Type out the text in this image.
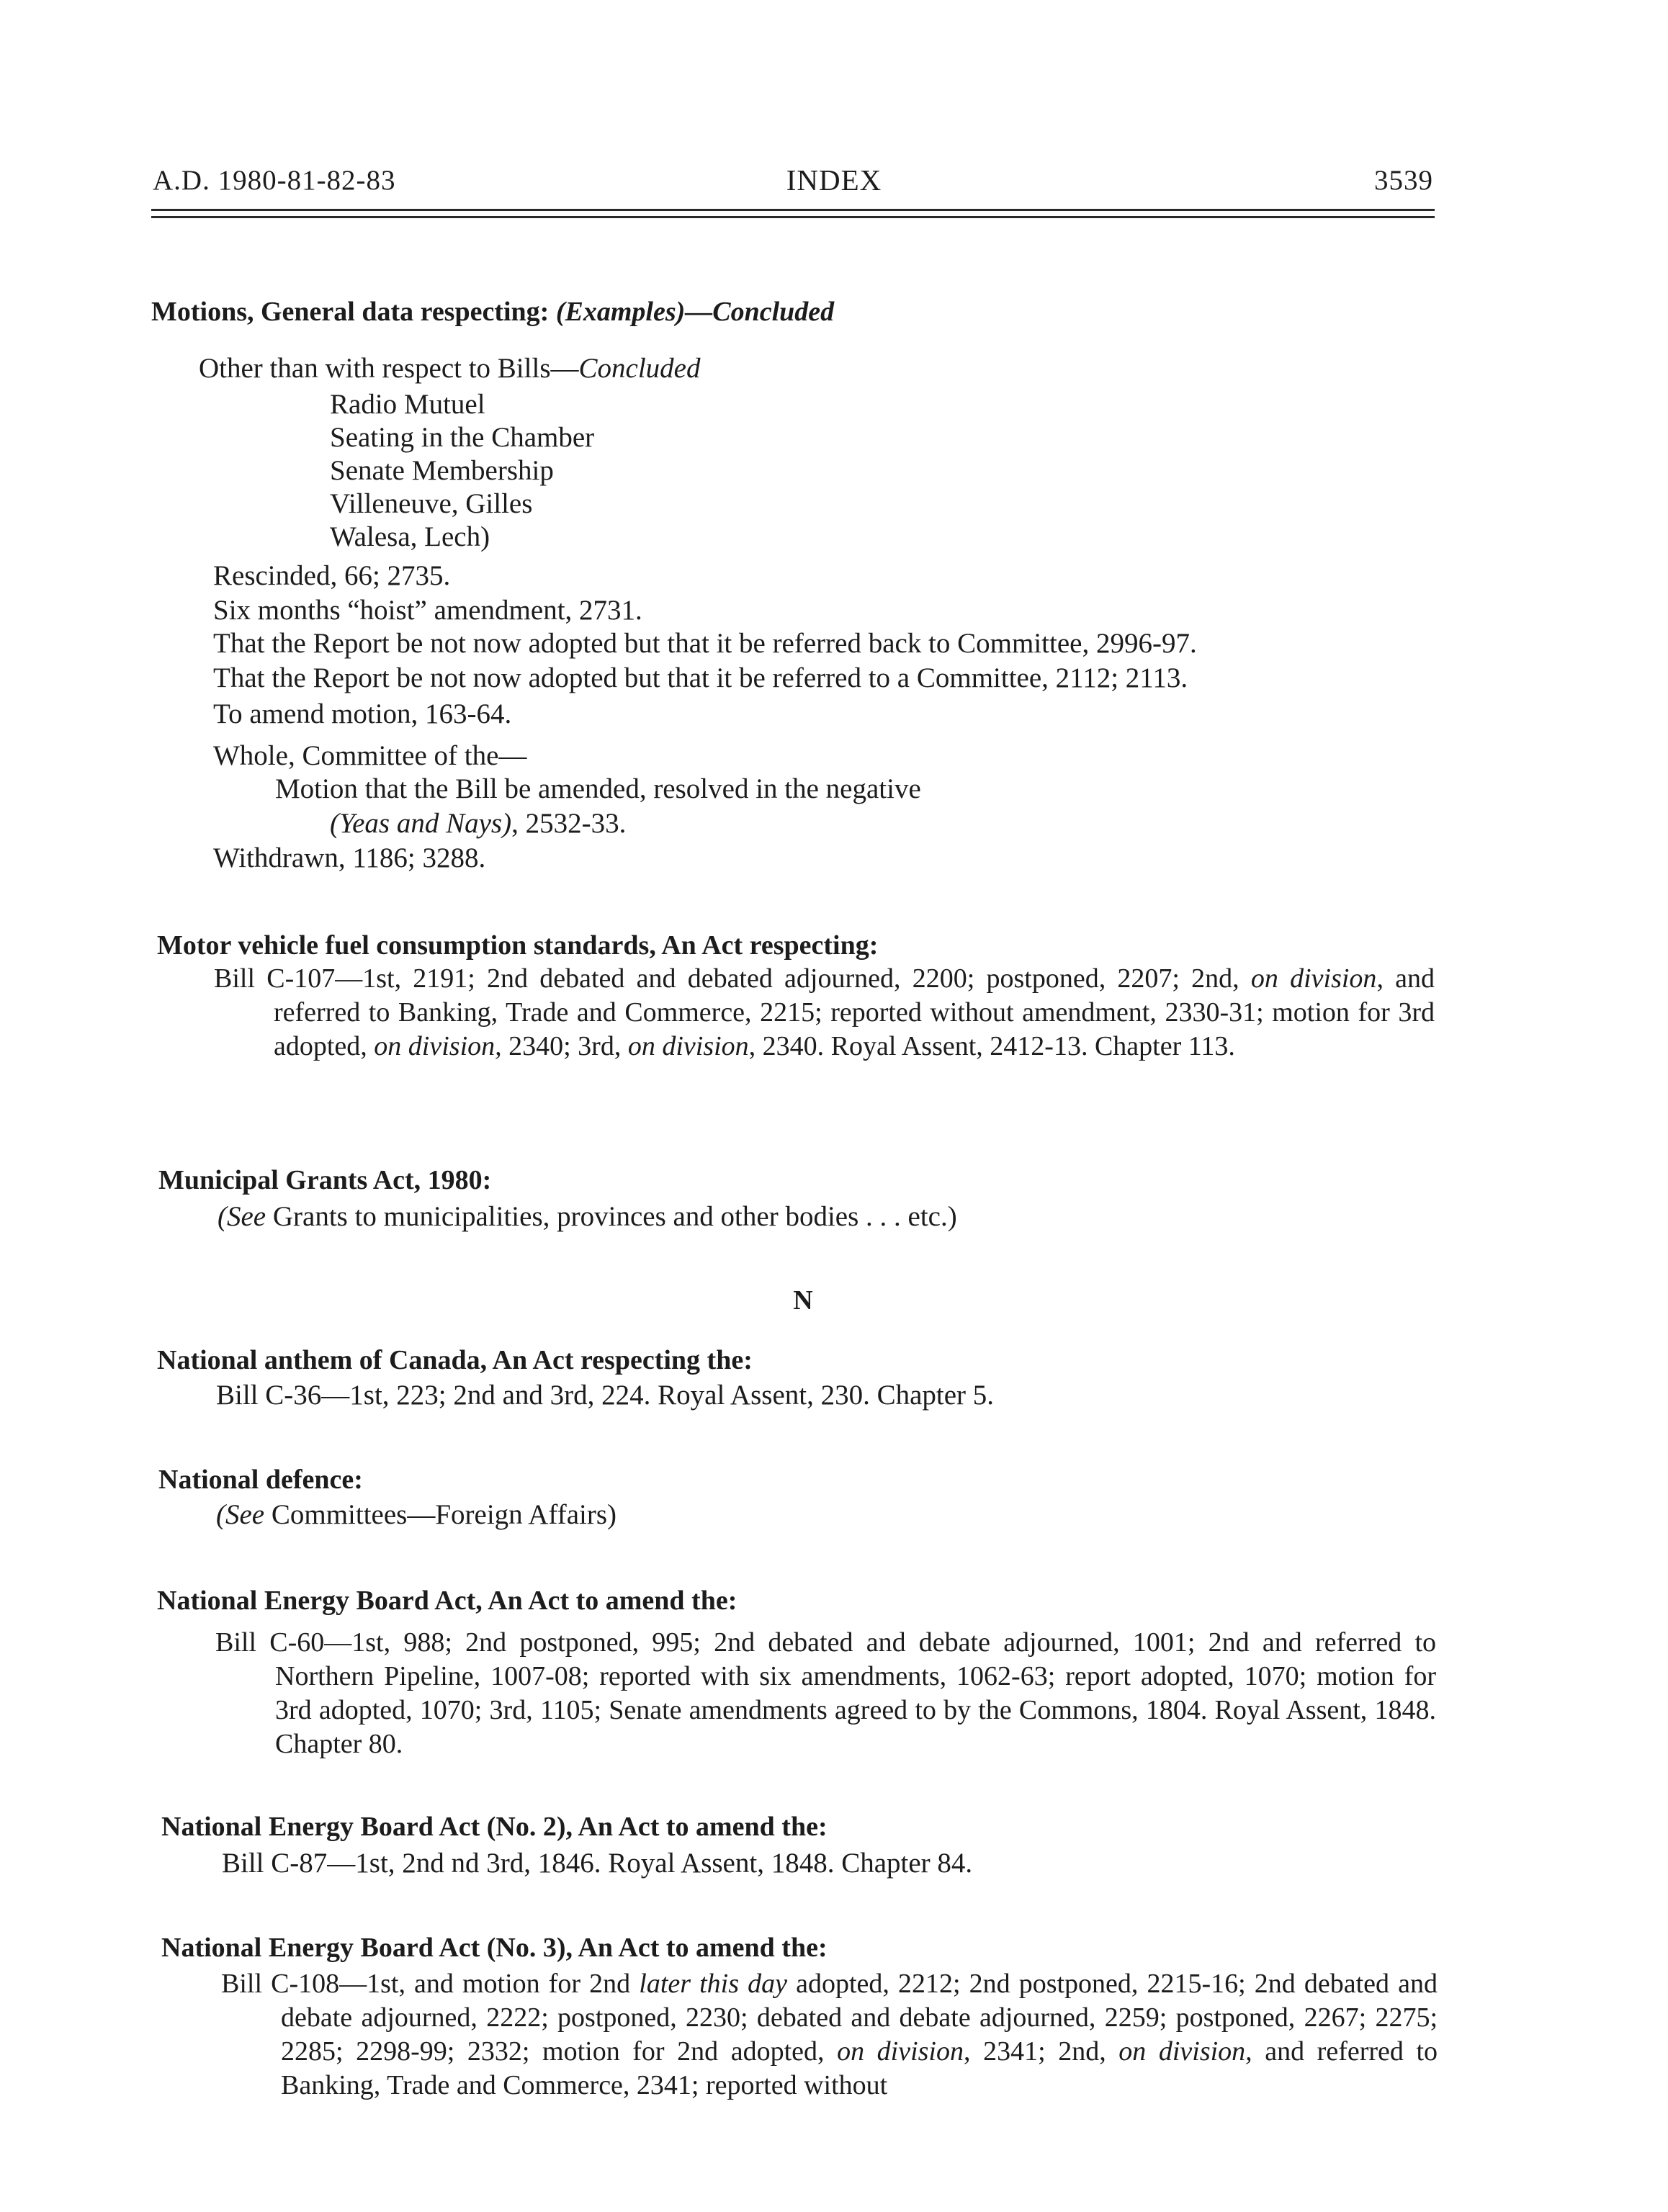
A.D. 1980-81-82-83	INDEX	3539
Motions, General data respecting: (Examples)—Concluded
Other than with respect to Bills—Concluded
Radio Mutuel
Seating in the Chamber
Senate Membership
Villeneuve, Gilles
Walesa, Lech)
Rescinded, 66; 2735.
Six months “hoist” amendment, 2731.
That the Report be not now adopted but that it be referred back to Committee, 2996-97.
That the Report be not now adopted but that it be referred to a Committee, 2112; 2113.
To amend motion, 163-64.
Whole, Committee of the—
Motion that the Bill be amended, resolved in the negative
(Yeas and Nays), 2532-33.
Withdrawn, 1186; 3288.
Motor vehicle fuel consumption standards, An Act respecting:
Bill C-107—1st, 2191; 2nd debated and debated adjourned, 2200; postponed, 2207; 2nd, on division, and referred to Banking, Trade and Commerce, 2215; reported without amendment, 2330-31; motion for 3rd adopted, on division, 2340; 3rd, on division, 2340. Royal Assent, 2412-13. Chapter 113.
Municipal Grants Act, 1980:
(See Grants to municipalities, provinces and other bodies . . . etc.)
N
National anthem of Canada, An Act respecting the:
Bill C-36—1st, 223; 2nd and 3rd, 224. Royal Assent, 230. Chapter 5.
National defence:
(See Committees—Foreign Affairs)
National Energy Board Act, An Act to amend the:
Bill C-60—1st, 988; 2nd postponed, 995; 2nd debated and debate adjourned, 1001; 2nd and referred to Northern Pipeline, 1007-08; reported with six amendments, 1062-63; report adopted, 1070; motion for 3rd adopted, 1070; 3rd, 1105; Senate amendments agreed to by the Commons, 1804. Royal Assent, 1848. Chapter 80.
National Energy Board Act (No. 2), An Act to amend the:
Bill C-87—1st, 2nd nd 3rd, 1846. Royal Assent, 1848. Chapter 84.
National Energy Board Act (No. 3), An Act to amend the:
Bill C-108—1st, and motion for 2nd later this day adopted, 2212; 2nd postponed, 2215-16; 2nd debated and debate adjourned, 2222; postponed, 2230; debated and debate adjourned, 2259; postponed, 2267; 2275; 2285; 2298-99; 2332; motion for 2nd adopted, on division, 2341; 2nd, on division, and referred to Banking, Trade and Commerce, 2341; reported without
